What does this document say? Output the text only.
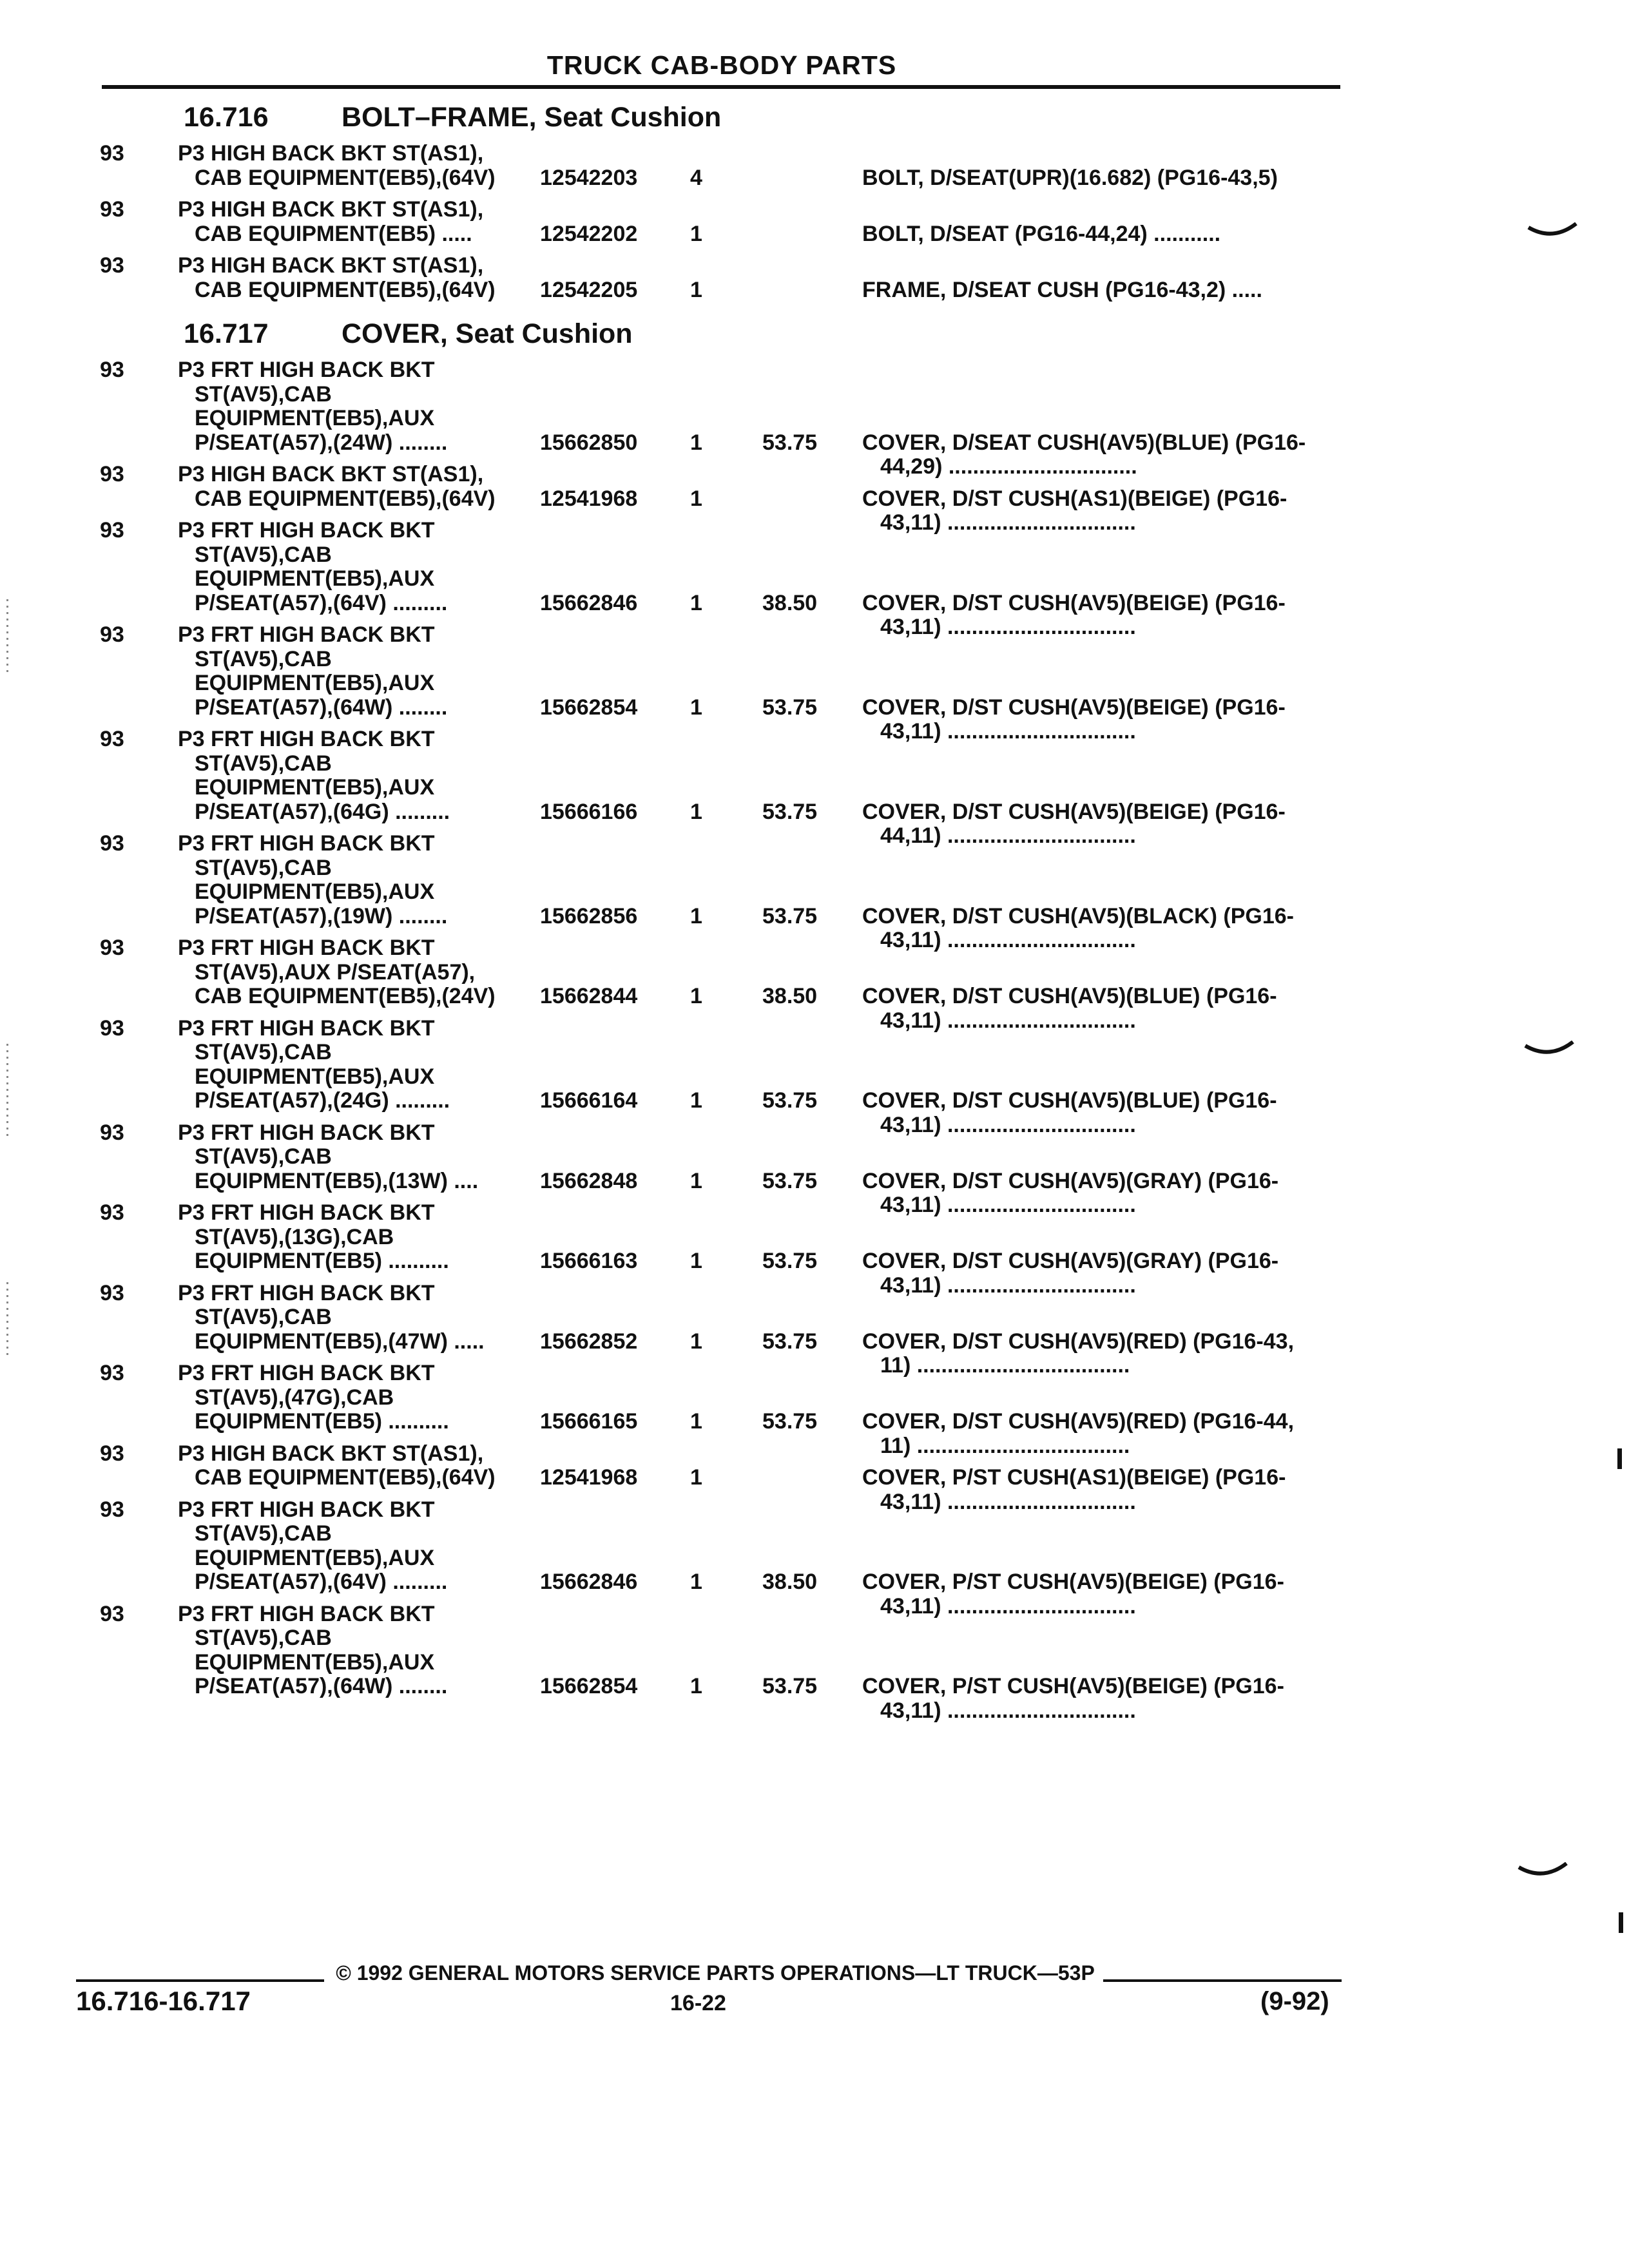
TRUCK CAB-BODY PARTS
16.716	BOLT–FRAME, Seat Cushion
93 P3 HIGH BACK BKT ST(AS1),
CAB EQUIPMENT(EB5),(64V) 12542203 4	BOLT, D/SEAT(UPR)(16.682) (PG16-43,5)
93 P3 HIGH BACK BKT ST(AS1),
CAB EQUIPMENT(EB5) .....	12542202 1	BOLT, D/SEAT (PG16-44,24) ...........
93 P3 HIGH BACK BKT ST(AS1),
CAB EQUIPMENT(EB5),(64V) 12542205 1	FRAME, D/SEAT CUSH (PG16-43,2) .....
16.717	COVER, Seat Cushion
93 P3 FRT HIGH BACK BKT
ST(AV5),CAB
EQUIPMENT(EB5),AUX
P/SEAT(A57),(24W) ........	15662850 1	53.75 COVER, D/SEAT CUSH(AV5)(BLUE) (PG16-
44,29) ...............................
93 P3 HIGH BACK BKT ST(AS1),
CAB EQUIPMENT(EB5),(64V) 12541968 1	COVER, D/ST CUSH(AS1)(BEIGE) (PG16-
43,11) ...............................
93 P3 FRT HIGH BACK BKT
ST(AV5),CAB
EQUIPMENT(EB5),AUX
P/SEAT(A57),(64V) .........	15662846 1	38.50 COVER, D/ST CUSH(AV5)(BEIGE) (PG16-
43,11) ...............................
93 P3 FRT HIGH BACK BKT
ST(AV5),CAB
EQUIPMENT(EB5),AUX
P/SEAT(A57),(64W) ........	15662854 1	53.75 COVER, D/ST CUSH(AV5)(BEIGE) (PG16-
43,11) ...............................
93 P3 FRT HIGH BACK BKT
ST(AV5),CAB
EQUIPMENT(EB5),AUX
P/SEAT(A57),(64G) .........	15666166 1	53.75 COVER, D/ST CUSH(AV5)(BEIGE) (PG16-
44,11) ...............................
93 P3 FRT HIGH BACK BKT
ST(AV5),CAB
EQUIPMENT(EB5),AUX
P/SEAT(A57),(19W) ........	15662856 1	53.75 COVER, D/ST CUSH(AV5)(BLACK) (PG16-
43,11) ...............................
93 P3 FRT HIGH BACK BKT
ST(AV5),AUX P/SEAT(A57),
CAB EQUIPMENT(EB5),(24V) 15662844 1	38.50 COVER, D/ST CUSH(AV5)(BLUE) (PG16-
43,11) ...............................
93 P3 FRT HIGH BACK BKT
ST(AV5),CAB
EQUIPMENT(EB5),AUX
P/SEAT(A57),(24G) .........	15666164 1	53.75 COVER, D/ST CUSH(AV5)(BLUE) (PG16-
43,11) ...............................
93 P3 FRT HIGH BACK BKT
ST(AV5),CAB
EQUIPMENT(EB5),(13W) ....	15662848 1	53.75 COVER, D/ST CUSH(AV5)(GRAY) (PG16-
43,11) ...............................
93 P3 FRT HIGH BACK BKT
ST(AV5),(13G),CAB
EQUIPMENT(EB5) ..........	15666163 1	53.75 COVER, D/ST CUSH(AV5)(GRAY) (PG16-
43,11) ...............................
93 P3 FRT HIGH BACK BKT
ST(AV5),CAB
EQUIPMENT(EB5),(47W) .....	15662852 1	53.75 COVER, D/ST CUSH(AV5)(RED) (PG16-43,
11) ...................................
93 P3 FRT HIGH BACK BKT
ST(AV5),(47G),CAB
EQUIPMENT(EB5) ..........	15666165 1	53.75 COVER, D/ST CUSH(AV5)(RED) (PG16-44,
11) ...................................
93 P3 HIGH BACK BKT ST(AS1),
CAB EQUIPMENT(EB5),(64V) 12541968 1	COVER, P/ST CUSH(AS1)(BEIGE) (PG16-
43,11) ...............................
93 P3 FRT HIGH BACK BKT
ST(AV5),CAB
EQUIPMENT(EB5),AUX
P/SEAT(A57),(64V) .........	15662846 1	38.50 COVER, P/ST CUSH(AV5)(BEIGE) (PG16-
43,11) ...............................
93 P3 FRT HIGH BACK BKT
ST(AV5),CAB
EQUIPMENT(EB5),AUX
P/SEAT(A57),(64W) ........	15662854 1	53.75 COVER, P/ST CUSH(AV5)(BEIGE) (PG16-
43,11) ...............................
© 1992 GENERAL MOTORS SERVICE PARTS OPERATIONS—LT TRUCK—53P
16.716-16.717	16-22	(9-92)
